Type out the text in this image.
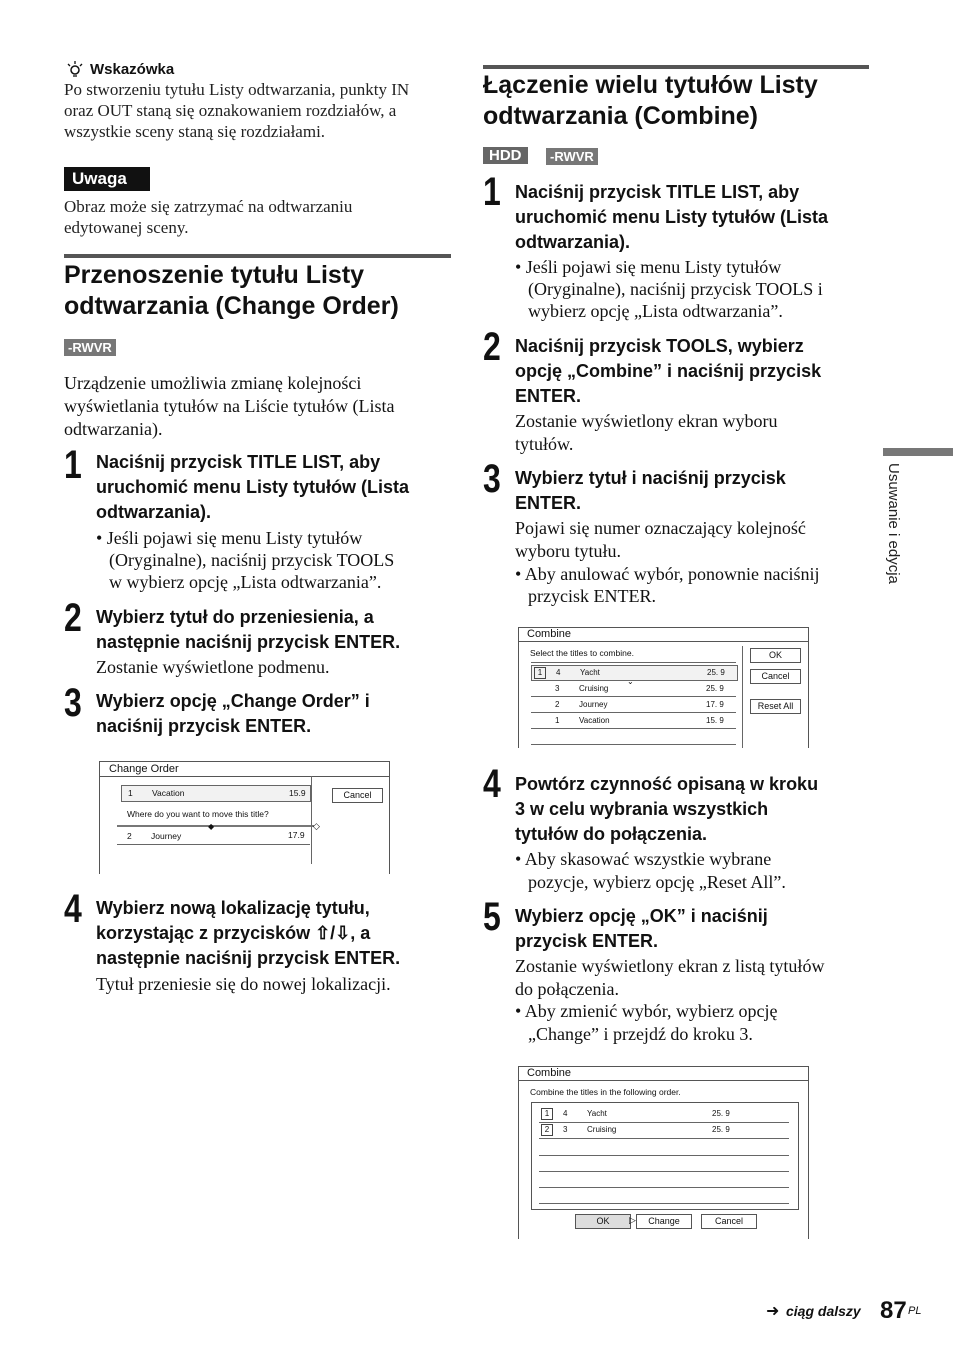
Wskazówka
Po stworzeniu tytułu Listy odtwarzania, punkty IN
oraz OUT staną się oznakowaniem rozdziałów, a
wszystkie sceny staną się rozdziałami.
Uwaga
Obraz może się zatrzymać na odtwarzaniu
edytowanej sceny.
Przenoszenie tytułu Listy
odtwarzania (Change Order)
-RWVR
Urządzenie umożliwia zmianę kolejności
wyświetlania tytułów na Liście tytułów (Lista
odtwarzania).
1 Naciśnij przycisk TITLE LIST, aby
uruchomić menu Listy tytułów (Lista
odtwarzania).
• Jeśli pojawi się menu Listy tytułów
(Oryginalne), naciśnij przycisk TOOLS
w wybierz opcję „Lista odtwarzania”.
2 Wybierz tytuł do przeniesienia, a
następnie naciśnij przycisk ENTER.
Zostanie wyświetlone podmenu.
3 Wybierz opcję „Change Order” i
naciśnij przycisk ENTER.
Change Order
1 Vacation	15.9
Where do you want to move this title?
◆	◇
2 Journey	17.9
Cancel
4 Wybierz nową lokalizację tytułu,
korzystając z przycisków ⇧/⇩, a
następnie naciśnij przycisk ENTER.
Tytuł przeniesie się do nowej lokalizacji.
Łączenie wielu tytułów Listy
odtwarzania (Combine)
HDD	-RWVR
1 Naciśnij przycisk TITLE LIST, aby
uruchomić menu Listy tytułów (Lista
odtwarzania).
• Jeśli pojawi się menu Listy tytułów
(Oryginalne), naciśnij przycisk TOOLS i
wybierz opcję „Lista odtwarzania”.
2 Naciśnij przycisk TOOLS, wybierz
opcję „Combine” i naciśnij przycisk
ENTER.
Zostanie wyświetlony ekran wyboru
tytułów.
3 Wybierz tytuł i naciśnij przycisk
ENTER.
Pojawi się numer oznaczający kolejność
wyboru tytułu.
• Aby anulować wybór, ponownie naciśnij
przycisk ENTER.
Combine
Select the titles to combine.
1	4 Yacht	25. 9
⌄
3 Cruising	25. 9
2 Journey	17. 9
1 Vacation	15. 9
OK
Cancel
Reset All
4 Powtórz czynność opisaną w kroku
3 w celu wybrania wszystkich
tytułów do połączenia.
• Aby skasować wszystkie wybrane
pozycje, wybierz opcję „Reset All”.
5 Wybierz opcję „OK” i naciśnij
przycisk ENTER.
Zostanie wyświetlony ekran z listą tytułów
do połączenia.
• Aby zmienić wybór, wybierz opcję
„Change” i przejdź do kroku 3.
Combine
Combine the titles in the following order.
1	4 Yacht	25. 9
2	3 Cruising	25. 9
OK	▷	Change	Cancel
Usuwanie i edycja
➜ ciąg dalszy 87 PL
